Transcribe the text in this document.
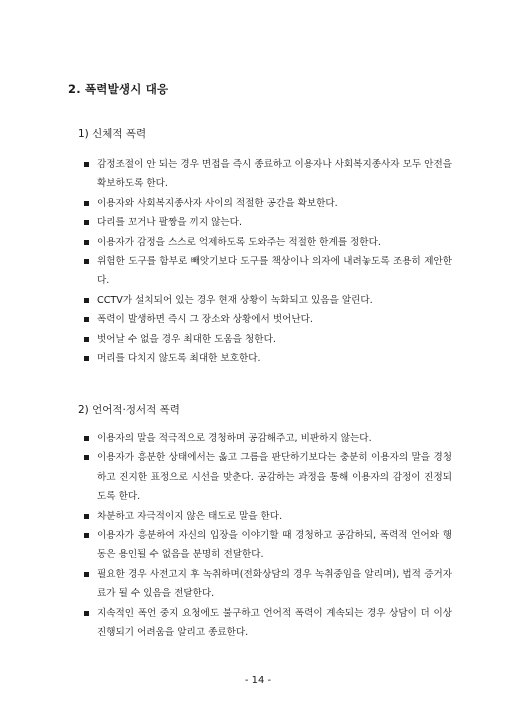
2. 폭력발생시 대응
1) 신체적 폭력
감정조절이 안 되는 경우 면접을 즉시 종료하고 이용자나 사회복지종사자 모두 안전을 확보하도록 한다.
이용자와 사회복지종사자 사이의 적절한 공간을 확보한다.
다리를 꼬거나 팔짱을 끼지 않는다.
이용자가 감정을 스스로 억제하도록 도와주는 적절한 한계를 정한다.
위험한 도구를 함부로 빼앗기보다 도구를 책상이나 의자에 내려놓도록 조용히 제안한다.
CCTV가 설치되어 있는 경우 현재 상황이 녹화되고 있음을 알린다.
폭력이 발생하면 즉시 그 장소와 상황에서 벗어난다.
벗어날 수 없을 경우 최대한 도움을 청한다.
머리를 다치지 않도록 최대한 보호한다.
2) 언어적·정서적 폭력
이용자의 말을 적극적으로 경청하며 공감해주고, 비판하지 않는다.
이용자가 흥분한 상태에서는 옳고 그름을 판단하기보다는 충분히 이용자의 말을 경청하고 진지한 표정으로 시선을 맞춘다. 공감하는 과정을 통해 이용자의 감정이 진정되도록 한다.
차분하고 자극적이지 않은 태도로 말을 한다.
이용자가 흥분하여 자신의 입장을 이야기할 때 경청하고 공감하되, 폭력적 언어와 행동은 용인될 수 없음을 분명히 전달한다.
필요한 경우 사전고지 후 녹취하며(전화상담의 경우 녹취중임을 알리며), 법적 증거자료가 될 수 있음을 전달한다.
지속적인 폭언 중지 요청에도 불구하고 언어적 폭력이 계속되는 경우 상담이 더 이상 진행되기 어려움을 알리고 종료한다.
- 14 -
